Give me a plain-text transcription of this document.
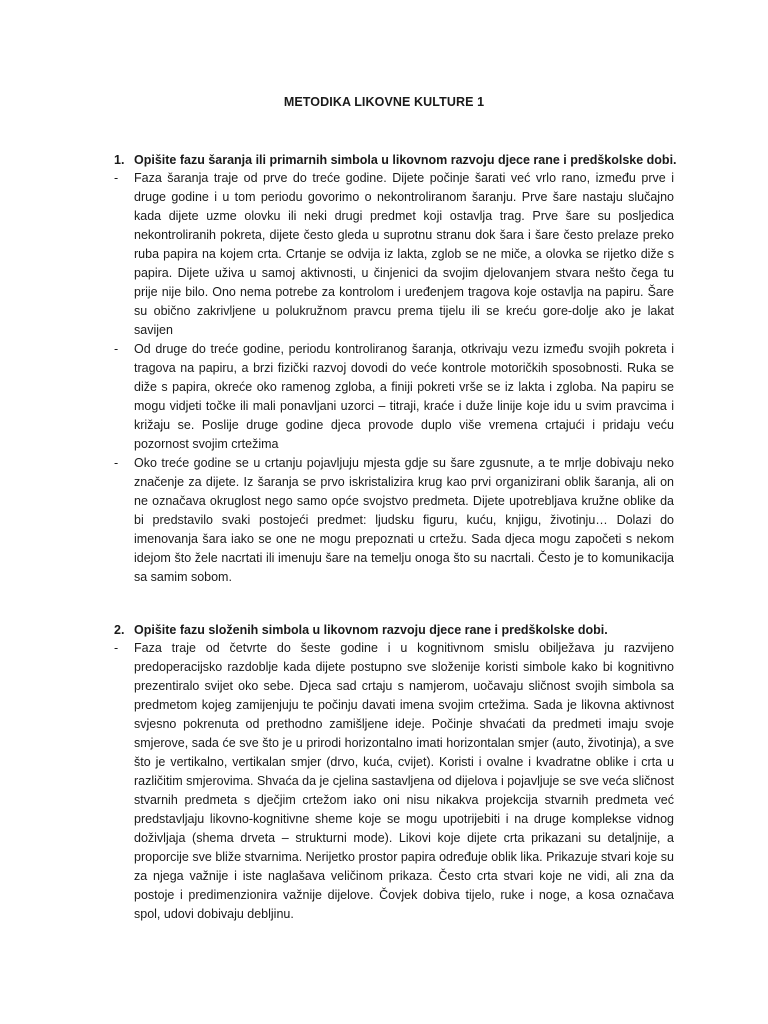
METODIKA LIKOVNE KULTURE 1
1. Opišite fazu šaranja ili primarnih simbola u likovnom razvoju djece rane i predškolske dobi.
-	Faza šaranja traje od prve do treće godine. Dijete počinje šarati već vrlo rano, između prve i druge godine i u tom periodu govorimo o nekontroliranom šaranju. Prve šare nastaju slučajno kada dijete uzme olovku ili neki drugi predmet koji ostavlja trag. Prve šare su posljedica nekontroliranih pokreta, dijete često gleda u suprotnu stranu dok šara i šare često prelaze preko ruba papira na kojem crta. Crtanje se odvija iz lakta, zglob se ne miče, a olovka se rijetko diže s papira. Dijete uživa u samoj aktivnosti, u činjenici da svojim djelovanjem stvara nešto čega tu prije nije bilo. Ono nema potrebe za kontrolom i uređenjem tragova koje ostavlja na papiru. Šare su obično zakrivljene u polukružnom pravcu prema tijelu ili se kreću gore-dolje ako je lakat savijen
-	Od druge do treće godine, periodu kontroliranog šaranja, otkrivaju vezu između svojih pokreta i tragova na papiru, a brzi fizički razvoj dovodi do veće kontrole motoričkih sposobnosti. Ruka se diže s papira, okreće oko ramenog zgloba, a finiji pokreti vrše se iz lakta i zgloba. Na papiru se mogu vidjeti točke ili mali ponavljani uzorci – titraji, kraće i duže linije koje idu u svim pravcima i križaju se. Poslije druge godine djeca provode duplo više vremena crtajući i pridaju veću pozornost svojim crtežima
-	Oko treće godine se u crtanju pojavljuju mjesta gdje su šare zgusnute, a te mrlje dobivaju neko značenje za dijete. Iz šaranja se prvo iskristalizira krug kao prvi organizirani oblik šaranja, ali on ne označava okruglost nego samo opće svojstvo predmeta. Dijete upotrebljava kružne oblike da bi predstavilo svaki postojeći predmet: ljudsku figuru, kuću, knjigu, životinju… Dolazi do imenovanja šara iako se one ne mogu prepoznati u crtežu. Sada djeca mogu započeti s nekom idejom što žele nacrtati ili imenuju šare na temelju onoga što su nacrtali. Često je to komunikacija sa samim sobom.
2. Opišite fazu složenih simbola u likovnom razvoju djece rane i predškolske dobi.
-	Faza traje od četvrte do šeste godine i u kognitivnom smislu obilježava ju razvijeno predoperacijsko razdoblje kada dijete postupno sve složenije koristi simbole kako bi kognitivno prezentiralo svijet oko sebe. Djeca sad crtaju s namjerom, uočavaju sličnost svojih simbola sa predmetom kojeg zamijenjuju te počinju davati imena svojim crtežima. Sada je likovna aktivnost svjesno pokrenuta od prethodno zamišljene ideje. Počinje shvaćati da predmeti imaju svoje smjerove, sada će sve što je u prirodi horizontalno imati horizontalan smjer (auto, životinja), a sve što je vertikalno, vertikalan smjer (drvo, kuća, cvijet). Koristi i ovalne i kvadratne oblike i crta u različitim smjerovima. Shvaća da je cjelina sastavljena od dijelova i pojavljuje se sve veća sličnost stvarnih predmeta s dječjim crtežom iako oni nisu nikakva projekcija stvarnih predmeta već predstavljaju likovno-kognitivne sheme koje se mogu upotrijebiti i na druge komplekse vidnog doživljaja (shema drveta – strukturni mode). Likovi koje dijete crta prikazani su detaljnije, a proporcije sve bliže stvarnima. Nerijetko prostor papira određuje oblik lika. Prikazuje stvari koje su za njega važnije i iste naglašava veličinom prikaza. Često crta stvari koje ne vidi, ali zna da postoje i predimenzionira važnije dijelove. Čovjek dobiva tijelo, ruke i noge, a kosa označava spol, udovi dobivaju debljinu.
